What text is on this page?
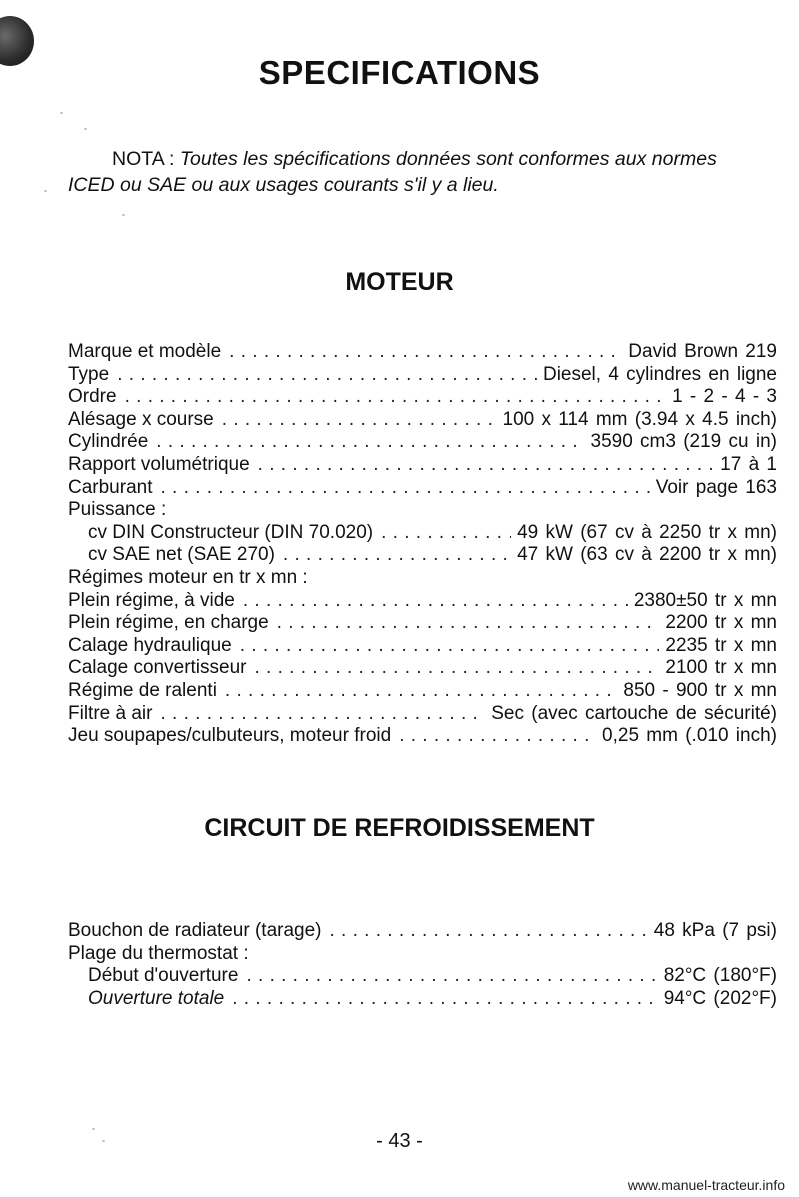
SPECIFICATIONS
NOTA : Toutes les spécifications données sont conformes aux normes
ICED ou SAE ou aux usages courants s'il y a lieu.
MOTEUR
Marque et modèle . . .	David Brown 219
Type . . .	Diesel, 4 cylindres en ligne
Ordre . . .	1 - 2 - 4 - 3
Alésage x course . . .	100 x 114 mm (3.94 x 4.5 inch)
Cylindrée . . .	3590 cm3 (219 cu in)
Rapport volumétrique . . .	17 à 1
Carburant . . .	Voir page 163
Puissance :
cv DIN Constructeur (DIN 70.020) . . .	49 kW (67 cv à 2250 tr x mn)
cv SAE net (SAE 270) . . .	47 kW (63 cv à 2200 tr x mn)
Régimes moteur en tr x mn :
Plein régime, à vide . . .	2380±50 tr x mn
Plein régime, en charge . . .	2200 tr x mn
Calage hydraulique . . .	2235 tr x mn
Calage convertisseur . . .	2100 tr x mn
Régime de ralenti . . .	850 - 900 tr x mn
Filtre à air . . .	Sec (avec cartouche de sécurité)
Jeu soupapes/culbuteurs, moteur froid . . .	0,25 mm (.010 inch)
CIRCUIT DE REFROIDISSEMENT
Bouchon de radiateur (tarage) . . .	48 kPa (7 psi)
Plage du thermostat :
Début d'ouverture . . .	82°C (180°F)
Ouverture totale . . .	94°C (202°F)
- 43 -
www.manuel-tracteur.info
